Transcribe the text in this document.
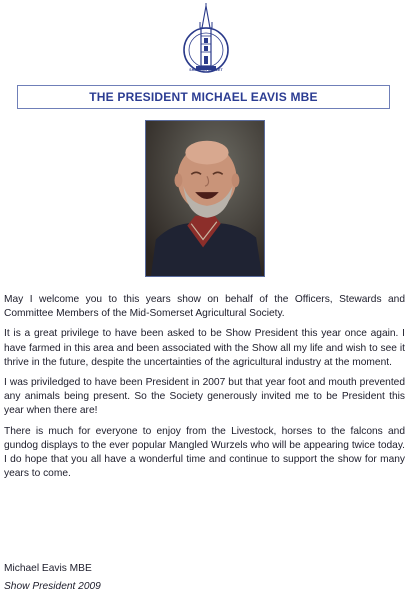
SHEPTON MALLET
THE PRESIDENT MICHAEL EAVIS MBE

May I welcome you to this years show on behalf of the Officers, Stewards and Committee Members of the Mid-Somerset Agricultural Society.

It is a great privilege to have been asked to be Show President this year once again. I have farmed in this area and been associated with the Show all my life and wish to see it thrive in the future, despite the uncertainties of the agricultural industry at the moment.

I was priviledged to have been President in 2007 but that year foot and mouth prevented any animals being present. So the Society generously invited me to be President this year when there are!

There is much for everyone to enjoy from the Livestock, horses to the falcons and gundog displays to the ever popular Mangled Wurzels who will be appearing twice today. I do hope that you all have a wonderful time and continue to support the show for many years to come.

Michael Eavis MBE
Show President 2009
